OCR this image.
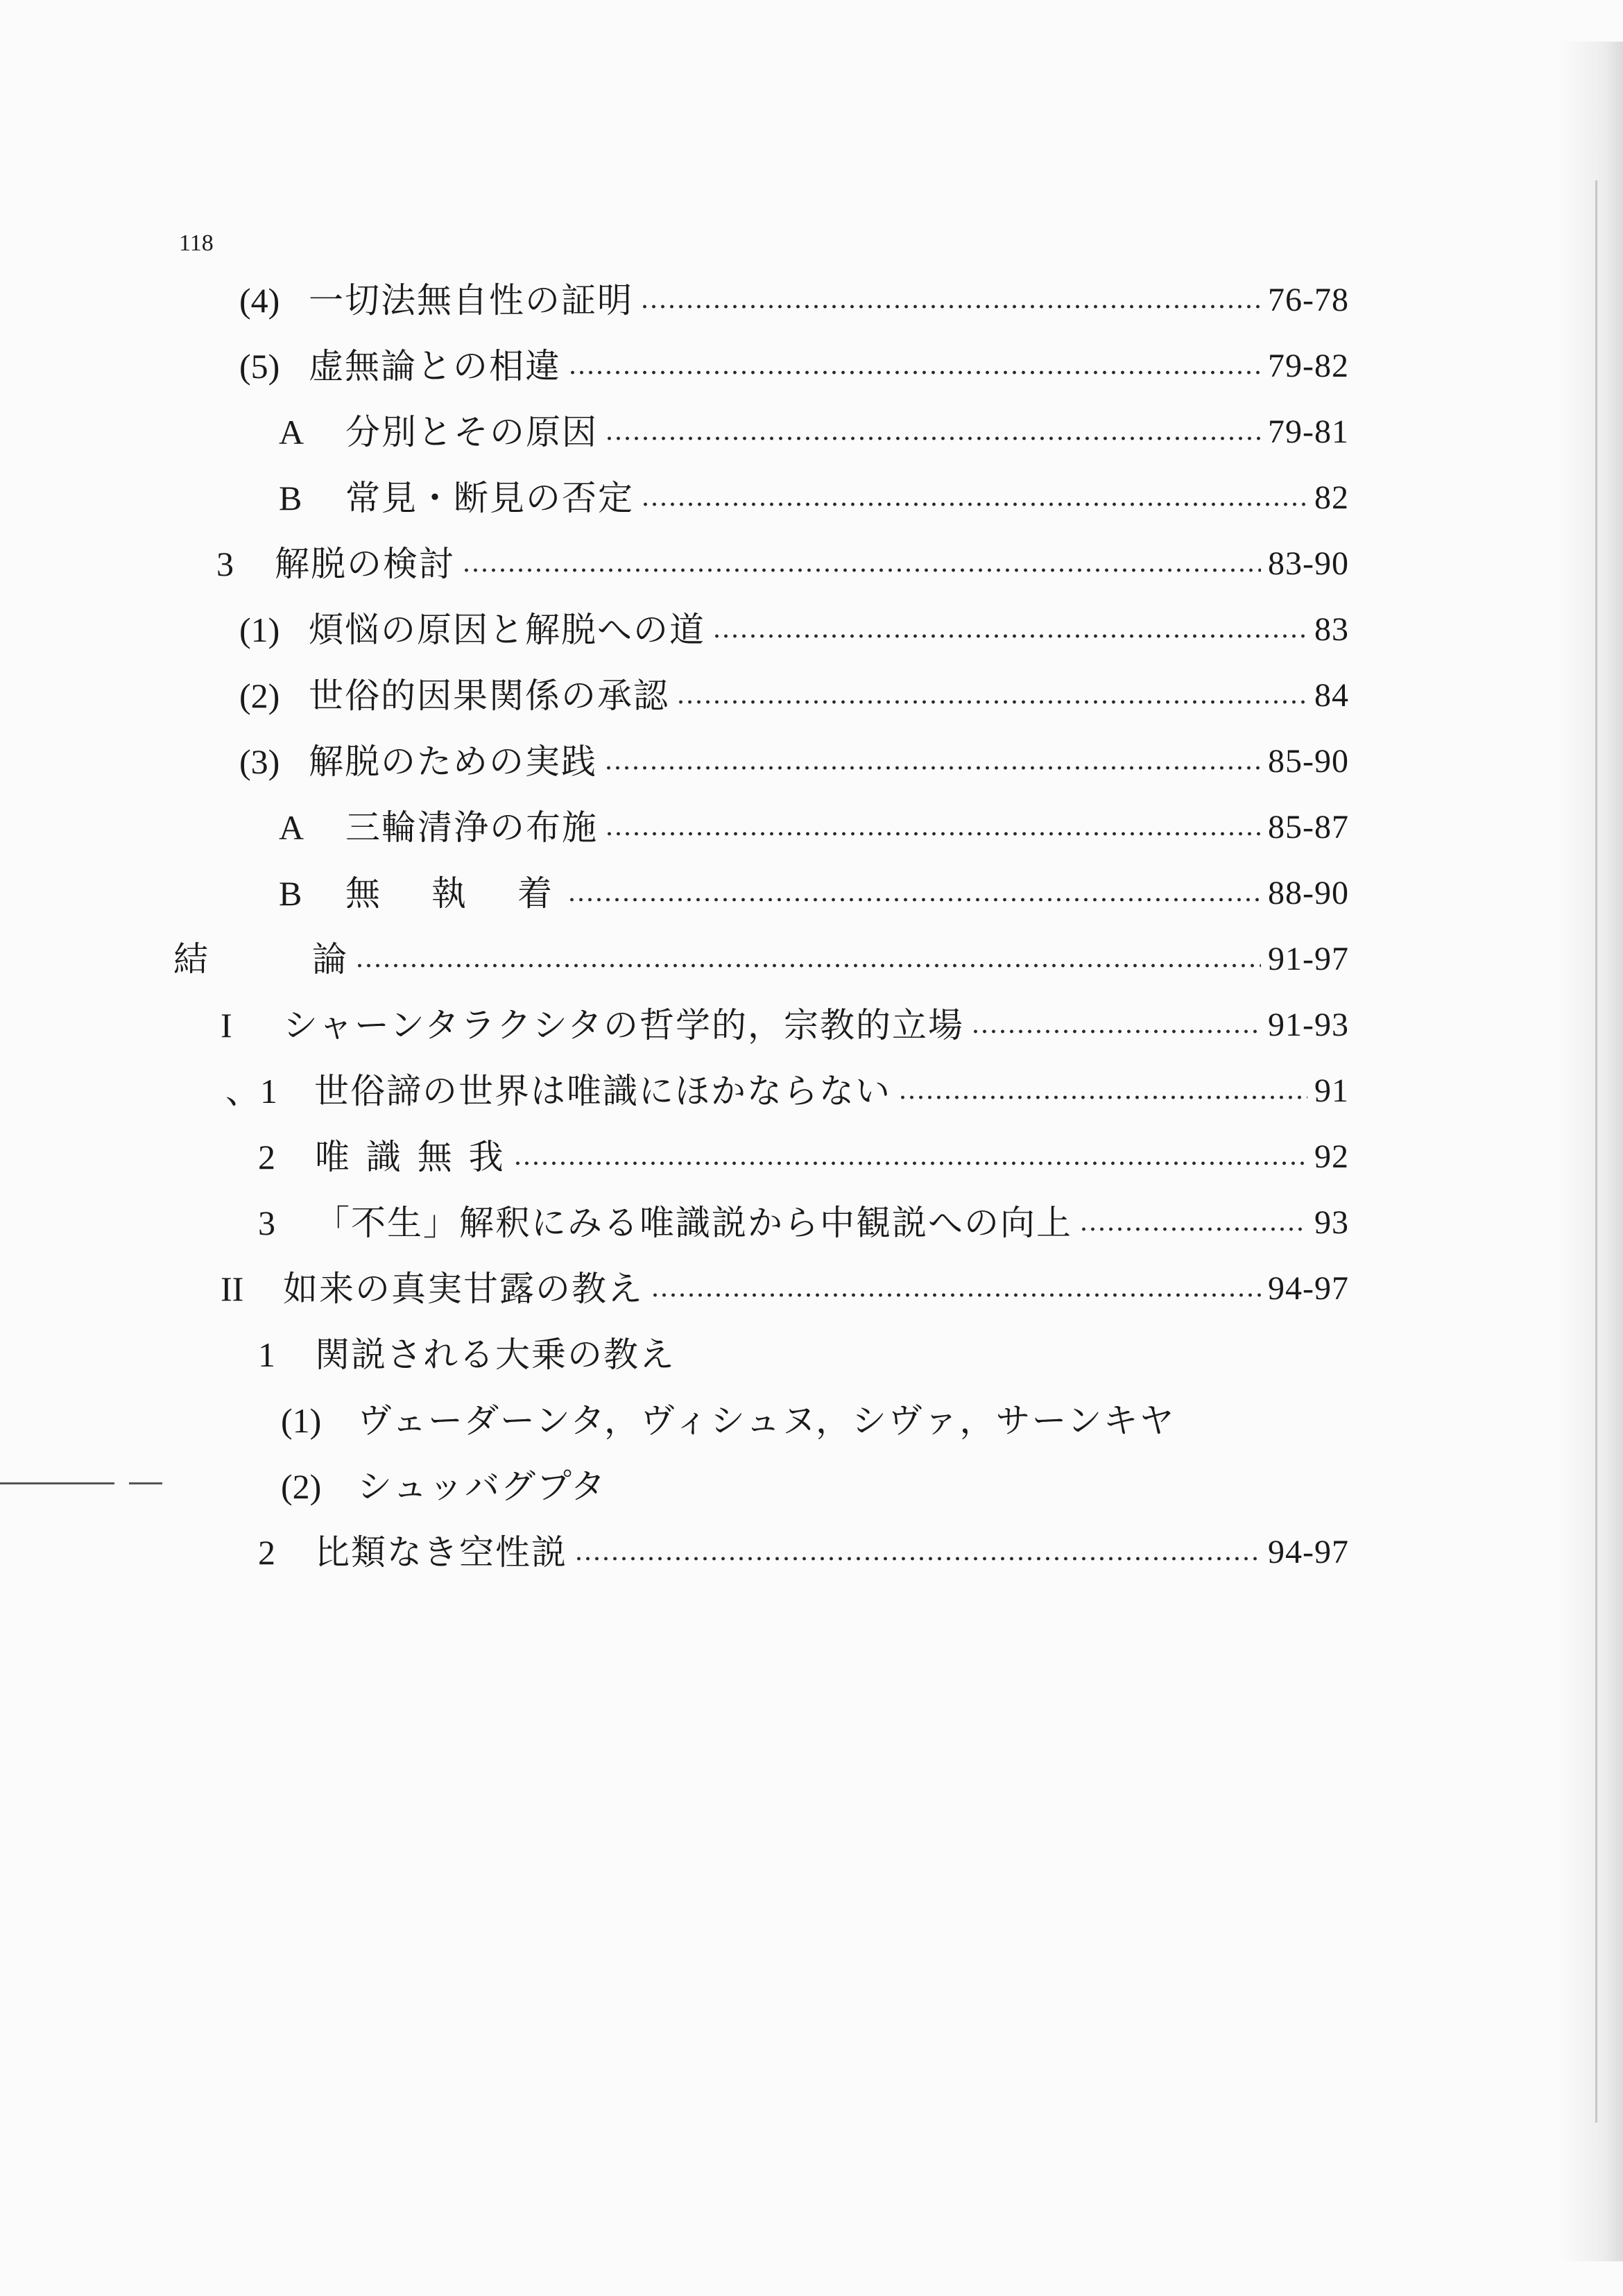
118
(4) 一切法無自性の証明	76-78
(5) 虚無論との相違	79-82
A	分別とその原因	79-81
B	常見・断見の否定	82
3	解脱の検討	83-90
(1) 煩悩の原因と解脱への道	83
(2) 世俗的因果関係の承認	84
(3) 解脱のための実践	85-90
A	三輪清浄の布施	85-87
B	無　執　着	88-90
結	論	91-97
I	シャーンタラクシタの哲学的，宗教的立場	91-93
、1	世俗諦の世界は唯識にほかならない	91
2	唯 識 無 我	92
3	「不生」解釈にみる唯識説から中観説への向上	93
II	如来の真実甘露の教え	94-97
1	関説される大乗の教え
(1)	ヴェーダーンタ，ヴィシュヌ，シヴァ，サーンキヤ
(2)	シュッバグプタ
2	比類なき空性説	94-97
